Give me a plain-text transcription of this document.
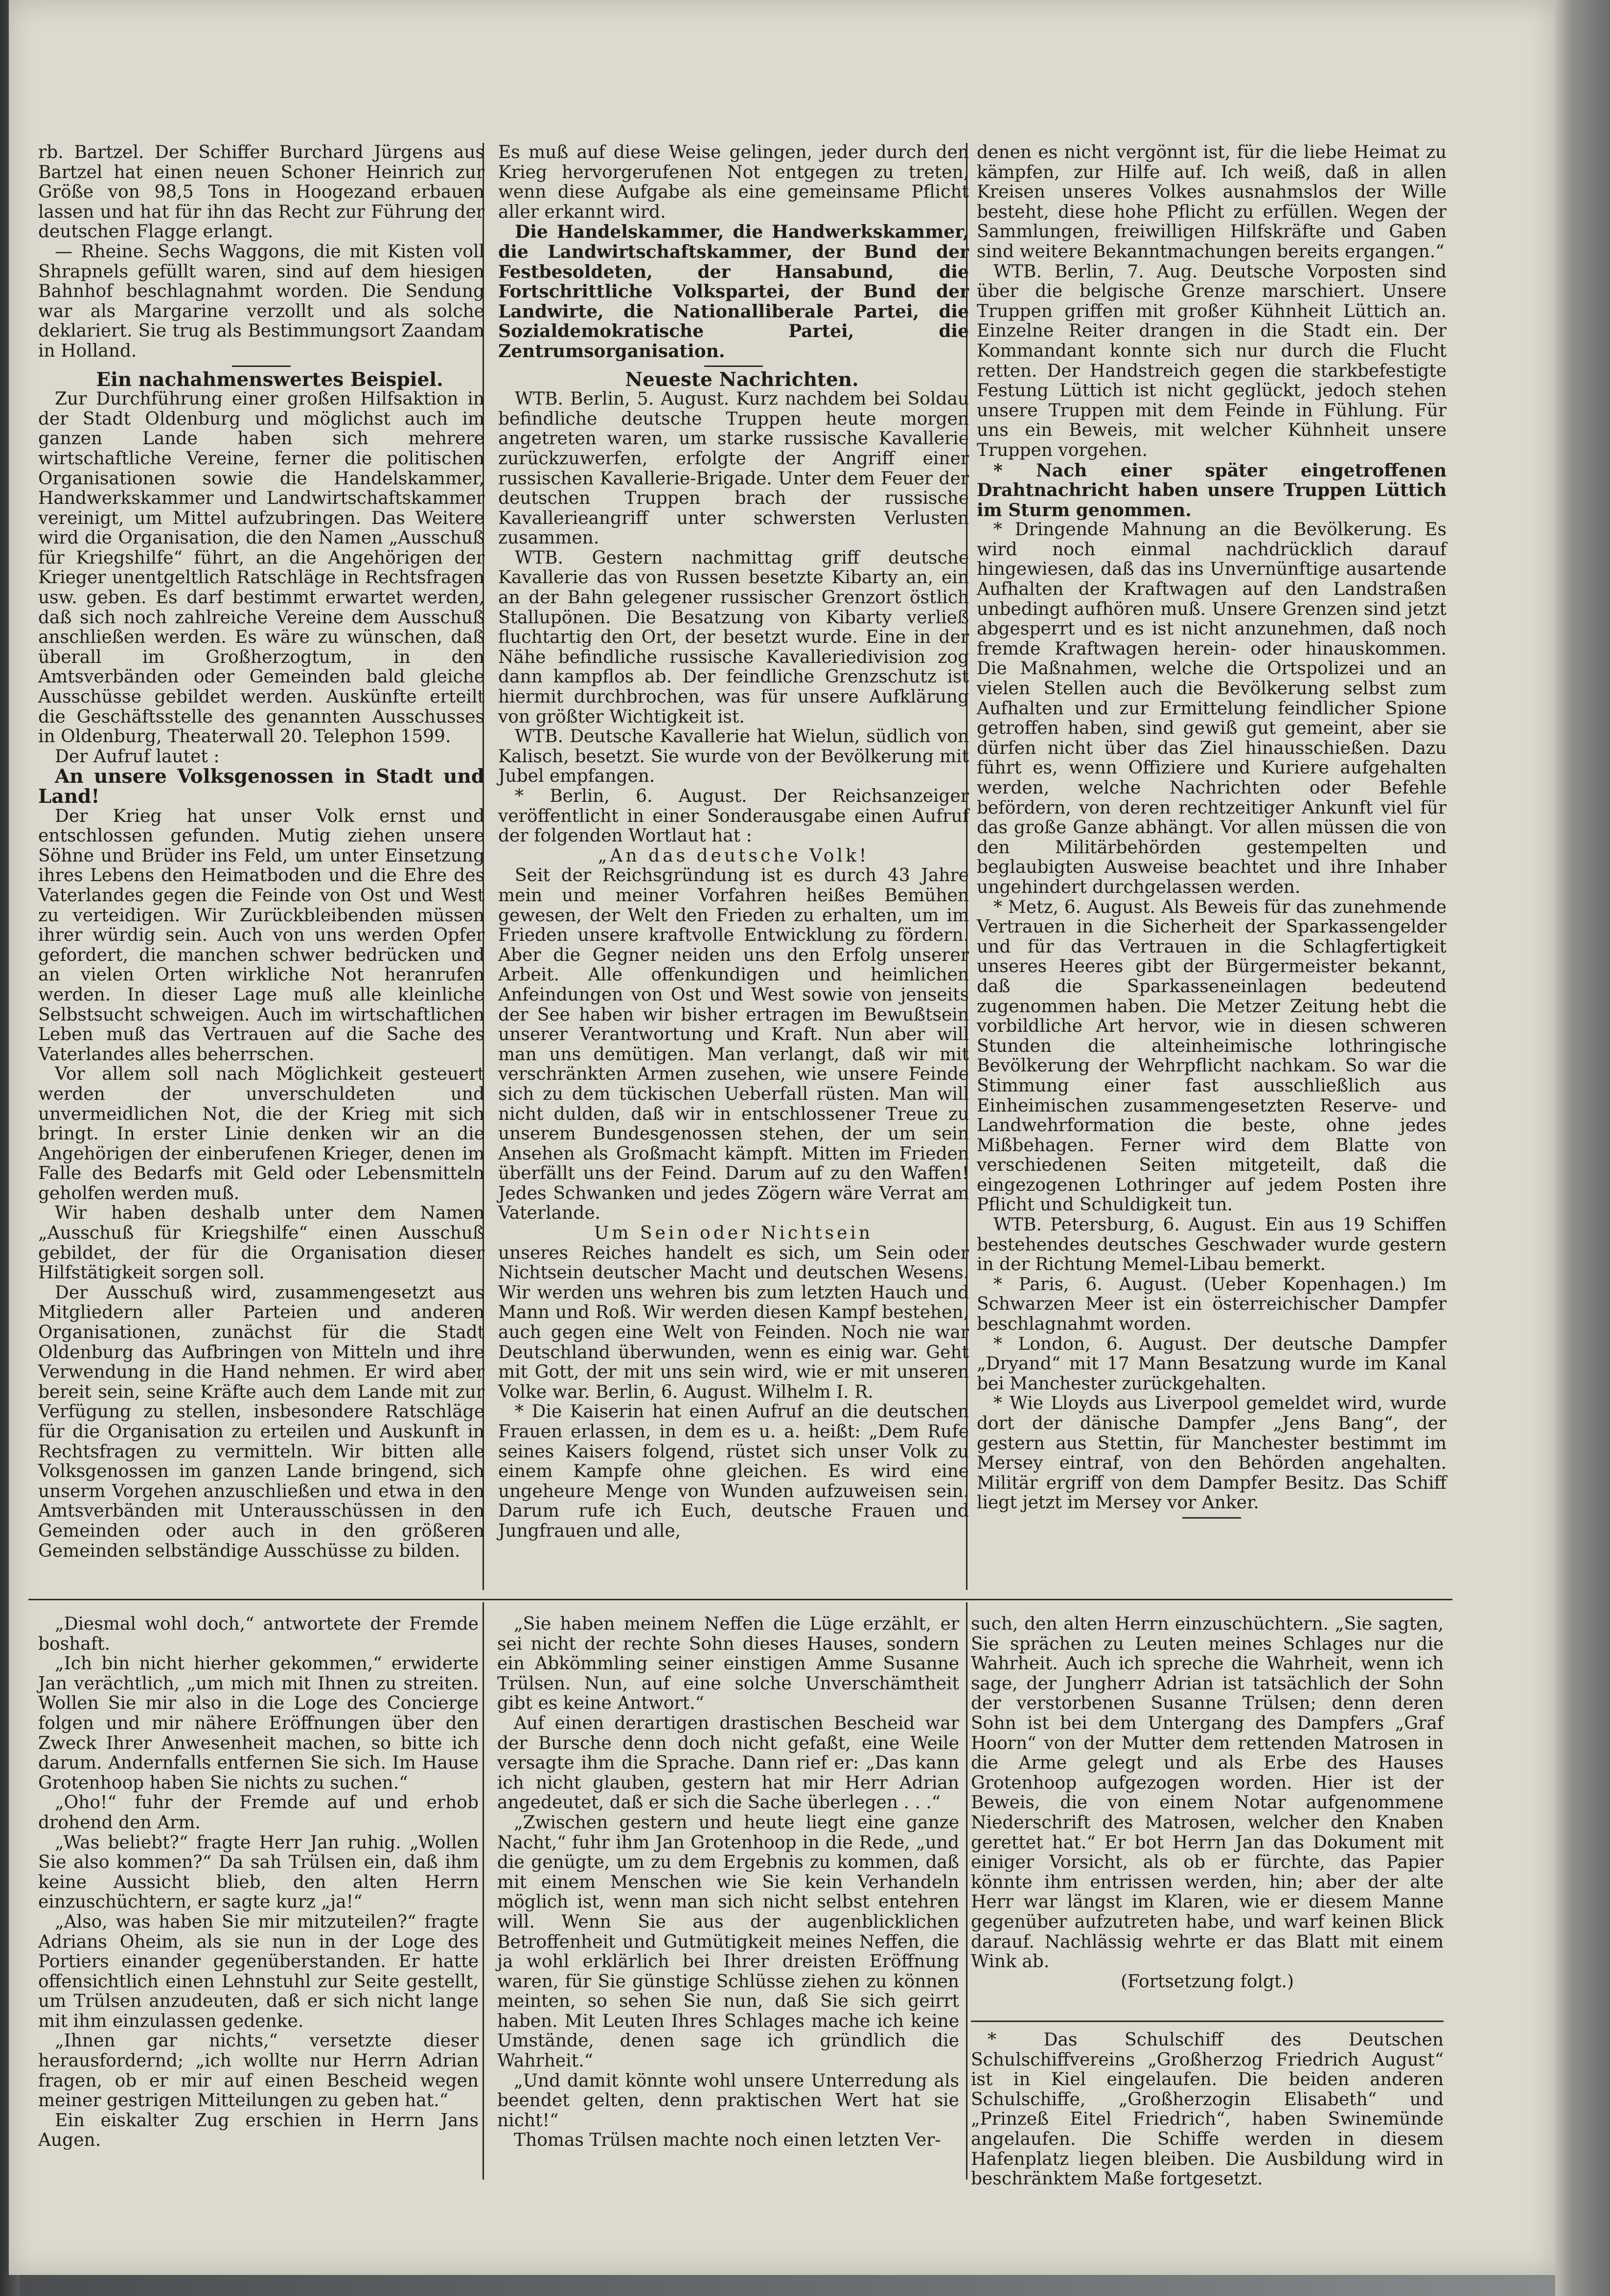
rb. Bartzel. Der Schiffer Burchard Jürgens aus Bartzel hat einen neuen Schoner Heinrich zur Größe von 98,5 Tons in Hoogezand erbauen lassen und hat für ihn das Recht zur Führung der deutschen Flagge erlangt.

— Rheine. Sechs Waggons, die mit Kisten voll Shrapnels gefüllt waren, sind auf dem hiesigen Bahnhof beschlagnahmt worden. Die Sendung war als Margarine verzollt und als solche deklariert. Sie trug als Bestimmungsort Zaandam in Holland.

Ein nachahmenswertes Beispiel.

Zur Durchführung einer großen Hilfsaktion in der Stadt Oldenburg und möglichst auch im ganzen Lande haben sich mehrere wirtschaftliche Vereine, ferner die politischen Organisationen sowie die Handelskammer, Handwerkskammer und Landwirtschaftskammer vereinigt, um Mittel aufzubringen. Das Weitere wird die Organisation, die den Namen „Ausschuß für Kriegshilfe“ führt, an die Angehörigen der Krieger unentgeltlich Ratschläge in Rechtsfragen usw. geben. Es darf bestimmt erwartet werden, daß sich noch zahlreiche Vereine dem Ausschuß anschließen werden. Es wäre zu wünschen, daß überall im Großherzogtum, in den Amtsverbänden oder Gemeinden bald gleiche Ausschüsse gebildet werden. Auskünfte erteilt die Geschäftsstelle des genannten Ausschusses in Oldenburg, Theaterwall 20. Telephon 1599.

Der Aufruf lautet :

An unsere Volksgenossen in Stadt und Land!

Der Krieg hat unser Volk ernst und entschlossen gefunden. Mutig ziehen unsere Söhne und Brüder ins Feld, um unter Einsetzung ihres Lebens den Heimatboden und die Ehre des Vaterlandes gegen die Feinde von Ost und West zu verteidigen. Wir Zurückbleibenden müssen ihrer würdig sein. Auch von uns werden Opfer gefordert, die manchen schwer bedrücken und an vielen Orten wirkliche Not heranrufen werden. In dieser Lage muß alle kleinliche Selbstsucht schweigen. Auch im wirtschaftlichen Leben muß das Vertrauen auf die Sache des Vaterlandes alles beherrschen.

Vor allem soll nach Möglichkeit gesteuert werden der unverschuldeten und unvermeidlichen Not, die der Krieg mit sich bringt. In erster Linie denken wir an die Angehörigen der einberufenen Krieger, denen im Falle des Bedarfs mit Geld oder Lebensmitteln geholfen werden muß.

Wir haben deshalb unter dem Namen „Ausschuß für Kriegshilfe“ einen Ausschuß gebildet, der für die Organisation dieser Hilfstätigkeit sorgen soll.

Der Ausschuß wird, zusammengesetzt aus Mitgliedern aller Parteien und anderen Organisationen, zunächst für die Stadt Oldenburg das Aufbringen von Mitteln und ihre Verwendung in die Hand nehmen. Er wird aber bereit sein, seine Kräfte auch dem Lande mit zur Verfügung zu stellen, insbesondere Ratschläge für die Organisation zu erteilen und Auskunft in Rechtsfragen zu vermitteln. Wir bitten alle Volksgenossen im ganzen Lande bringend, sich unserm Vorgehen anzuschließen und etwa in den Amtsverbänden mit Unterausschüssen in den Gemeinden oder auch in den größeren Gemeinden selbständige Ausschüsse zu bilden.

Es muß auf diese Weise gelingen, jeder durch den Krieg hervorgerufenen Not entgegen zu treten, wenn diese Aufgabe als eine gemeinsame Pflicht aller erkannt wird.

Die Handelskammer, die Handwerkskammer, die Landwirtschaftskammer, der Bund der Festbesoldeten, der Hansabund, die Fortschrittliche Volkspartei, der Bund der Landwirte, die Nationalliberale Partei, die Sozialdemokratische Partei, die Zentrumsorganisation.

Neueste Nachrichten.

WTB. Berlin, 5. August. Kurz nachdem bei Soldau befindliche deutsche Truppen heute morgen angetreten waren, um starke russische Kavallerie zurückzuwerfen, erfolgte der Angriff einer russischen Kavallerie-Brigade. Unter dem Feuer der deutschen Truppen brach der russische Kavallerieangriff unter schwersten Verlusten zusammen.

WTB. Gestern nachmittag griff deutsche Kavallerie das von Russen besetzte Kibarty an, ein an der Bahn gelegener russischer Grenzort östlich Stallupönen. Die Besatzung von Kibarty verließ fluchtartig den Ort, der besetzt wurde. Eine in der Nähe befindliche russische Kavalleriedivision zog dann kampflos ab. Der feindliche Grenzschutz ist hiermit durchbrochen, was für unsere Aufklärung von größter Wichtigkeit ist.

WTB. Deutsche Kavallerie hat Wielun, südlich von Kalisch, besetzt. Sie wurde von der Bevölkerung mit Jubel empfangen.

* Berlin, 6. August. Der Reichsanzeiger veröffentlicht in einer Sonderausgabe einen Aufruf der folgenden Wortlaut hat :

„An das deutsche Volk!

Seit der Reichsgründung ist es durch 43 Jahre mein und meiner Vorfahren heißes Bemühen gewesen, der Welt den Frieden zu erhalten, um im Frieden unsere kraftvolle Entwicklung zu fördern. Aber die Gegner neiden uns den Erfolg unserer Arbeit. Alle offenkundigen und heimlichen Anfeindungen von Ost und West sowie von jenseits der See haben wir bisher ertragen im Bewußtsein unserer Verantwortung und Kraft. Nun aber will man uns demütigen. Man verlangt, daß wir mit verschränkten Armen zusehen, wie unsere Feinde sich zu dem tückischen Ueberfall rüsten. Man will nicht dulden, daß wir in entschlossener Treue zu unserem Bundesgenossen stehen, der um sein Ansehen als Großmacht kämpft. Mitten im Frieden überfällt uns der Feind. Darum auf zu den Waffen! Jedes Schwanken und jedes Zögern wäre Verrat am Vaterlande.

Um Sein oder Nichtsein

unseres Reiches handelt es sich, um Sein oder Nichtsein deutscher Macht und deutschen Wesens. Wir werden uns wehren bis zum letzten Hauch und Mann und Roß. Wir werden diesen Kampf bestehen, auch gegen eine Welt von Feinden. Noch nie war Deutschland überwunden, wenn es einig war. Geht mit Gott, der mit uns sein wird, wie er mit unseren Volke war. Berlin, 6. August. Wilhelm I. R.

* Die Kaiserin hat einen Aufruf an die deutschen Frauen erlassen, in dem es u. a. heißt: „Dem Rufe seines Kaisers folgend, rüstet sich unser Volk zu einem Kampfe ohne gleichen. Es wird eine ungeheure Menge von Wunden aufzuweisen sein. Darum rufe ich Euch, deutsche Frauen und Jungfrauen und alle,

denen es nicht vergönnt ist, für die liebe Heimat zu kämpfen, zur Hilfe auf. Ich weiß, daß in allen Kreisen unseres Volkes ausnahmslos der Wille besteht, diese hohe Pflicht zu erfüllen. Wegen der Sammlungen, freiwilligen Hilfskräfte und Gaben sind weitere Bekanntmachungen bereits ergangen.“

WTB. Berlin, 7. Aug. Deutsche Vorposten sind über die belgische Grenze marschiert. Unsere Truppen griffen mit großer Kühnheit Lüttich an. Einzelne Reiter drangen in die Stadt ein. Der Kommandant konnte sich nur durch die Flucht retten. Der Handstreich gegen die starkbefestigte Festung Lüttich ist nicht geglückt, jedoch stehen unsere Truppen mit dem Feinde in Fühlung. Für uns ein Beweis, mit welcher Kühnheit unsere Truppen vorgehen.

* Nach einer später eingetroffenen Drahtnachricht haben unsere Truppen Lüttich im Sturm genommen.

* Dringende Mahnung an die Bevölkerung. Es wird noch einmal nachdrücklich darauf hingewiesen, daß das ins Unvernünftige ausartende Aufhalten der Kraftwagen auf den Landstraßen unbedingt aufhören muß. Unsere Grenzen sind jetzt abgesperrt und es ist nicht anzunehmen, daß noch fremde Kraftwagen herein- oder hinauskommen. Die Maßnahmen, welche die Ortspolizei und an vielen Stellen auch die Bevölkerung selbst zum Aufhalten und zur Ermittelung feindlicher Spione getroffen haben, sind gewiß gut gemeint, aber sie dürfen nicht über das Ziel hinausschießen. Dazu führt es, wenn Offiziere und Kuriere aufgehalten werden, welche Nachrichten oder Befehle befördern, von deren rechtzeitiger Ankunft viel für das große Ganze abhängt. Vor allen müssen die von den Militärbehörden gestempelten und beglaubigten Ausweise beachtet und ihre Inhaber ungehindert durchgelassen werden.

* Metz, 6. August. Als Beweis für das zunehmende Vertrauen in die Sicherheit der Sparkassengelder und für das Vertrauen in die Schlagfertigkeit unseres Heeres gibt der Bürgermeister bekannt, daß die Sparkasseneinlagen bedeutend zugenommen haben. Die Metzer Zeitung hebt die vorbildliche Art hervor, wie in diesen schweren Stunden die alteinheimische lothringische Bevölkerung der Wehrpflicht nachkam. So war die Stimmung einer fast ausschließlich aus Einheimischen zusammengesetzten Reserve- und Landwehrformation die beste, ohne jedes Mißbehagen. Ferner wird dem Blatte von verschiedenen Seiten mitgeteilt, daß die eingezogenen Lothringer auf jedem Posten ihre Pflicht und Schuldigkeit tun.

WTB. Petersburg, 6. August. Ein aus 19 Schiffen bestehendes deutsches Geschwader wurde gestern in der Richtung Memel-Libau bemerkt.

* Paris, 6. August. (Ueber Kopenhagen.) Im Schwarzen Meer ist ein österreichischer Dampfer beschlagnahmt worden.

* London, 6. August. Der deutsche Dampfer „Dryand“ mit 17 Mann Besatzung wurde im Kanal bei Manchester zurückgehalten.

* Wie Lloyds aus Liverpool gemeldet wird, wurde dort der dänische Dampfer „Jens Bang“, der gestern aus Stettin, für Manchester bestimmt im Mersey eintraf, von den Behörden angehalten. Militär ergriff von dem Dampfer Besitz. Das Schiff liegt jetzt im Mersey vor Anker.

„Diesmal wohl doch,“ antwortete der Fremde boshaft.

„Ich bin nicht hierher gekommen,“ erwiderte Jan verächtlich, „um mich mit Ihnen zu streiten. Wollen Sie mir also in die Loge des Concierge folgen und mir nähere Eröffnungen über den Zweck Ihrer Anwesenheit machen, so bitte ich darum. Andernfalls entfernen Sie sich. Im Hause Grotenhoop haben Sie nichts zu suchen.“

„Oho!“ fuhr der Fremde auf und erhob drohend den Arm.

„Was beliebt?“ fragte Herr Jan ruhig. „Wollen Sie also kommen?“ Da sah Trülsen ein, daß ihm keine Aussicht blieb, den alten Herrn einzuschüchtern, er sagte kurz „ja!“

„Also, was haben Sie mir mitzuteilen?“ fragte Adrians Oheim, als sie nun in der Loge des Portiers einander gegenüberstanden. Er hatte offensichtlich einen Lehnstuhl zur Seite gestellt, um Trülsen anzudeuten, daß er sich nicht lange mit ihm einzulassen gedenke.

„Ihnen gar nichts,“ versetzte dieser herausfordernd; „ich wollte nur Herrn Adrian fragen, ob er mir auf einen Bescheid wegen meiner gestrigen Mitteilungen zu geben hat.“

Ein eiskalter Zug erschien in Herrn Jans Augen.

„Sie haben meinem Neffen die Lüge erzählt, er sei nicht der rechte Sohn dieses Hauses, sondern ein Abkömmling seiner einstigen Amme Susanne Trülsen. Nun, auf eine solche Unverschämtheit gibt es keine Antwort.“

Auf einen derartigen drastischen Bescheid war der Bursche denn doch nicht gefaßt, eine Weile versagte ihm die Sprache. Dann rief er: „Das kann ich nicht glauben, gestern hat mir Herr Adrian angedeutet, daß er sich die Sache überlegen . . .“

„Zwischen gestern und heute liegt eine ganze Nacht,“ fuhr ihm Jan Grotenhoop in die Rede, „und die genügte, um zu dem Ergebnis zu kommen, daß mit einem Menschen wie Sie kein Verhandeln möglich ist, wenn man sich nicht selbst entehren will. Wenn Sie aus der augenblicklichen Betroffenheit und Gutmütigkeit meines Neffen, die ja wohl erklärlich bei Ihrer dreisten Eröffnung waren, für Sie günstige Schlüsse ziehen zu können meinten, so sehen Sie nun, daß Sie sich geirrt haben. Mit Leuten Ihres Schlages mache ich keine Umstände, denen sage ich gründlich die Wahrheit.“

„Und damit könnte wohl unsere Unterredung als beendet gelten, denn praktischen Wert hat sie nicht!“

Thomas Trülsen machte noch einen letzten Ver-

such, den alten Herrn einzuschüchtern. „Sie sagten, Sie sprächen zu Leuten meines Schlages nur die Wahrheit. Auch ich spreche die Wahrheit, wenn ich sage, der Jungherr Adrian ist tatsächlich der Sohn der verstorbenen Susanne Trülsen; denn deren Sohn ist bei dem Untergang des Dampfers „Graf Hoorn“ von der Mutter dem rettenden Matrosen in die Arme gelegt und als Erbe des Hauses Grotenhoop aufgezogen worden. Hier ist der Beweis, die von einem Notar aufgenommene Niederschrift des Matrosen, welcher den Knaben gerettet hat.“ Er bot Herrn Jan das Dokument mit einiger Vorsicht, als ob er fürchte, das Papier könnte ihm entrissen werden, hin; aber der alte Herr war längst im Klaren, wie er diesem Manne gegenüber aufzutreten habe, und warf keinen Blick darauf. Nachlässig wehrte er das Blatt mit einem Wink ab.

(Fortsetzung folgt.)

* Das Schulschiff des Deutschen Schulschiffvereins „Großherzog Friedrich August“ ist in Kiel eingelaufen. Die beiden anderen Schulschiffe, „Großherzogin Elisabeth“ und „Prinzeß Eitel Friedrich“, haben Swinemünde angelaufen. Die Schiffe werden in diesem Hafenplatz liegen bleiben. Die Ausbildung wird in beschränktem Maße fortgesetzt.
